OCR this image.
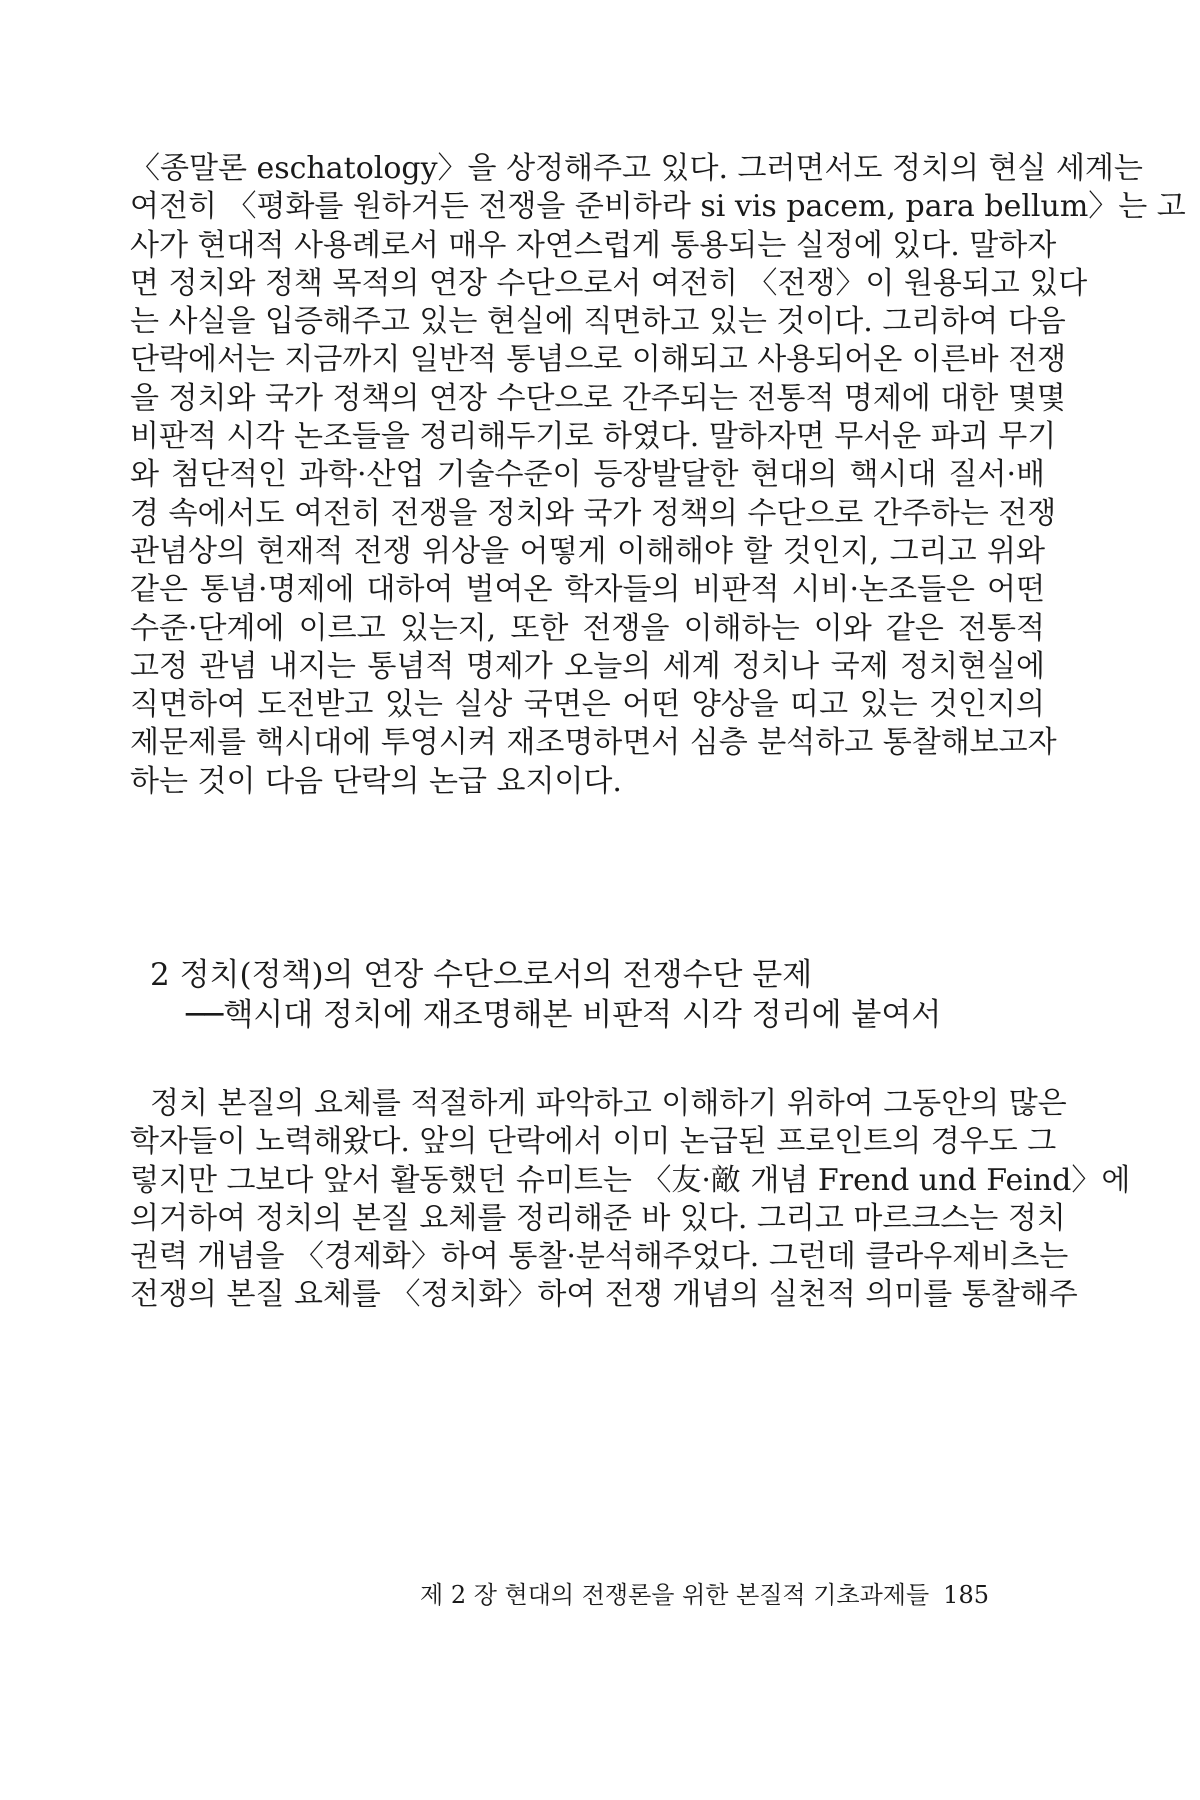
〈종말론 eschatology〉을 상정해주고 있다. 그러면서도 정치의 현실 세계는
여전히 〈평화를 원하거든 전쟁을 준비하라 si vis pacem, para bellum〉는 고
사가 현대적 사용례로서 매우 자연스럽게 통용되는 실정에 있다. 말하자
면 정치와 정책 목적의 연장 수단으로서 여전히 〈전쟁〉이 원용되고 있다
는 사실을 입증해주고 있는 현실에 직면하고 있는 것이다. 그리하여 다음
단락에서는 지금까지 일반적 통념으로 이해되고 사용되어온 이른바 전쟁
을 정치와 국가 정책의 연장 수단으로 간주되는 전통적 명제에 대한 몇몇
비판적 시각 논조들을 정리해두기로 하였다. 말하자면 무서운 파괴 무기
와 첨단적인 과학·산업 기술수준이 등장발달한 현대의 핵시대 질서·배
경 속에서도 여전히 전쟁을 정치와 국가 정책의 수단으로 간주하는 전쟁
관념상의 현재적 전쟁 위상을 어떻게 이해해야 할 것인지, 그리고 위와
같은 통념·명제에 대하여 벌여온 학자들의 비판적 시비·논조들은 어떤
수준·단계에 이르고 있는지, 또한 전쟁을 이해하는 이와 같은 전통적
고정 관념 내지는 통념적 명제가 오늘의 세계 정치나 국제 정치현실에
직면하여 도전받고 있는 실상 국면은 어떤 양상을 띠고 있는 것인지의
제문제를 핵시대에 투영시켜 재조명하면서 심층 분석하고 통찰해보고자
하는 것이 다음 단락의 논급 요지이다.
2 정치(정책)의 연장 수단으로서의 전쟁수단 문제
──핵시대 정치에 재조명해본 비판적 시각 정리에 붙여서
정치 본질의 요체를 적절하게 파악하고 이해하기 위하여 그동안의 많은
학자들이 노력해왔다. 앞의 단락에서 이미 논급된 프로인트의 경우도 그
렇지만 그보다 앞서 활동했던 슈미트는 〈友·敵 개념 Frend und Feind〉에
의거하여 정치의 본질 요체를 정리해준 바 있다. 그리고 마르크스는 정치
권력 개념을 〈경제화〉하여 통찰·분석해주었다. 그런데 클라우제비츠는
전쟁의 본질 요체를 〈정치화〉하여 전쟁 개념의 실천적 의미를 통찰해주
제 2 장 현대의 전쟁론을 위한 본질적 기초과제들 185
